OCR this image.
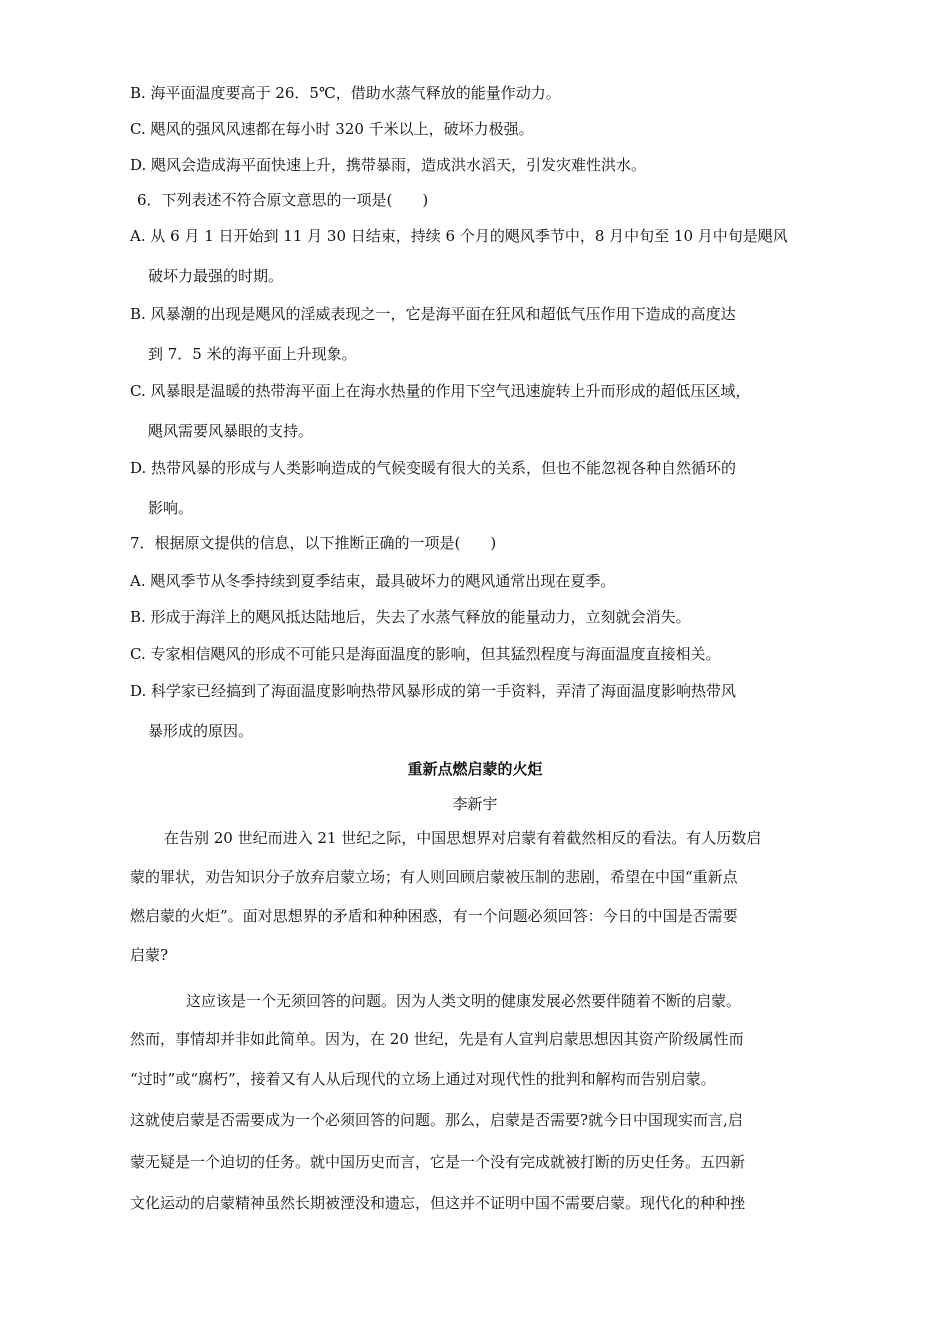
B. 海平面温度要高于 26．5℃，借助水蒸气释放的能量作动力。
C. 飓风的强风风速都在每小时 320 千米以上，破坏力极强。
D. 飓风会造成海平面快速上升，携带暴雨，造成洪水滔天，引发灾难性洪水。
6．下列表述不符合原文意思的一项是(　　)
A. 从 6 月 1 日开始到 11 月 30 日结束，持续 6 个月的飓风季节中，8 月中旬至 10 月中旬是飓风
破坏力最强的时期。
B. 风暴潮的出现是飓风的淫威表现之一，它是海平面在狂风和超低气压作用下造成的高度达
到 7．5 米的海平面上升现象。
C. 风暴眼是温暖的热带海平面上在海水热量的作用下空气迅速旋转上升而形成的超低压区域，
飓风需要风暴眼的支持。
D. 热带风暴的形成与人类影响造成的气候变暖有很大的关系，但也不能忽视各种自然循环的
影响。
7．根据原文提供的信息，以下推断正确的一项是(　　)
A. 飓风季节从冬季持续到夏季结束，最具破坏力的飓风通常出现在夏季。
B. 形成于海洋上的飓风抵达陆地后，失去了水蒸气释放的能量动力，立刻就会消失。
C. 专家相信飓风的形成不可能只是海面温度的影响，但其猛烈程度与海面温度直接相关。
D. 科学家已经搞到了海面温度影响热带风暴形成的第一手资料，弄清了海面温度影响热带风
暴形成的原因。
重新点燃启蒙的火炬
李新宇
在告别 20 世纪而进入 21 世纪之际，中国思想界对启蒙有着截然相反的看法。有人历数启
蒙的罪状，劝告知识分子放弃启蒙立场；有人则回顾启蒙被压制的悲剧，希望在中国“重新点
燃启蒙的火炬”。面对思想界的矛盾和种种困惑，有一个问题必须回答：今日的中国是否需要
启蒙?
这应该是一个无须回答的问题。因为人类文明的健康发展必然要伴随着不断的启蒙。
然而，事情却并非如此简单。因为，在 20 世纪，先是有人宣判启蒙思想因其资产阶级属性而
“过时”或“腐朽”，接着又有人从后现代的立场上通过对现代性的批判和解构而告别启蒙。
这就使启蒙是否需要成为一个必须回答的问题。那么，启蒙是否需要?就今日中国现实而言,启
蒙无疑是一个迫切的任务。就中国历史而言，它是一个没有完成就被打断的历史任务。五四新
文化运动的启蒙精神虽然长期被湮没和遗忘，但这并不证明中国不需要启蒙。现代化的种种挫
